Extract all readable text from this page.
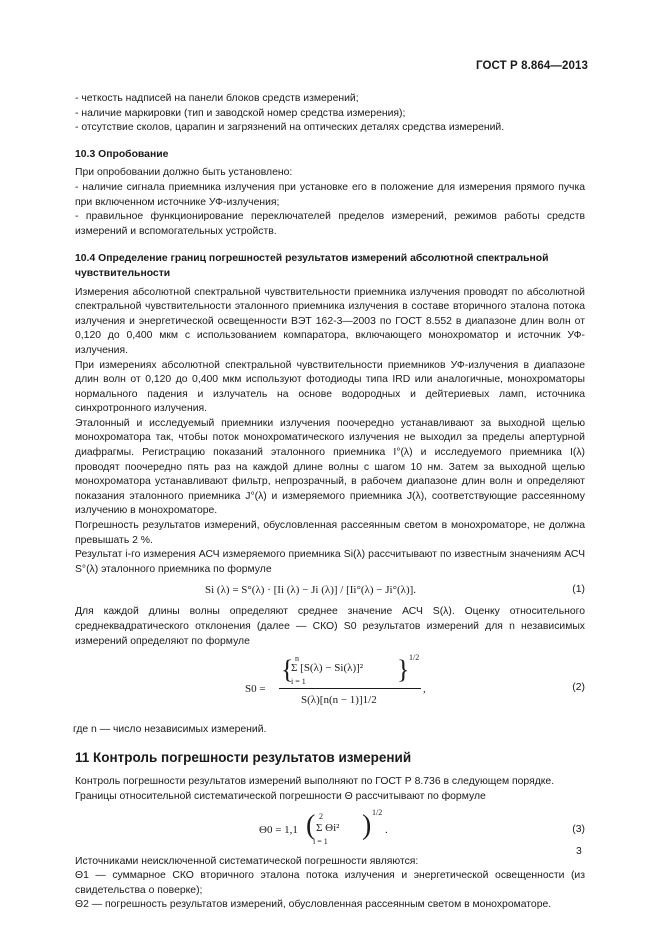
ГОСТ Р 8.864—2013

- четкость надписей на панели блоков средств измерений;

- наличие маркировки (тип и заводской номер средства измерения);

- отсутствие сколов, царапин и загрязнений на оптических деталях средства измерений.

10.3 Опробование

При опробовании должно быть установлено:

- наличие сигнала приемника излучения при установке его в положение для измерения прямого пучка при включенном источнике УФ-излучения;

- правильное функционирование переключателей пределов измерений, режимов работы средств измерений и вспомогательных устройств.

10.4 Определение границ погрешностей результатов измерений абсолютной спектральной чувствительности

Измерения абсолютной спектральной чувствительности приемника излучения проводят по абсолютной спектральной чувствительности эталонного приемника излучения в составе вторичного эталона потока излучения и энергетической освещенности ВЭТ 162-3—2003 по ГОСТ 8.552 в диапазоне длин волн от 0,120 до 0,400 мкм с использованием компаратора, включающего монохроматор и источник УФ-излучения.

При измерениях абсолютной спектральной чувствительности приемников УФ-излучения в диапазоне длин волн от 0,120 до 0,400 мкм используют фотодиоды типа IRD или аналогичные, монохроматоры нормального падения и излучатель на основе водородных и дейтериевых ламп, источника синхротронного излучения.

Эталонный и исследуемый приемники излучения поочередно устанавливают за выходной щелью монохроматора так, чтобы поток монохроматического излучения не выходил за пределы апертурной диафрагмы. Регистрацию показаний эталонного приемника I°(λ) и исследуемого приемника I(λ) проводят поочередно пять раз на каждой длине волны с шагом 10 нм. Затем за выходной щелью монохроматора устанавливают фильтр, непрозрачный, в рабочем диапазоне длин волн и определяют показания эталонного приемника J°(λ) и измеряемого приемника J(λ), соответствующие рассеянному излучению в монохроматоре.

Погрешность результатов измерений, обусловленная рассеянным светом в монохроматоре, не должна превышать 2 %.

Результат i-го измерения АСЧ измеряемого приемника Si(λ) рассчитывают по известным значениям АСЧ S°(λ) эталонного приемника по формуле

Si (λ) = S°(λ) · [Ii (λ) − Ji (λ)] / [Ii°(λ) − Ji°(λ)].	(1)

Для каждой длины волны определяют среднее значение АСЧ S(λ). Оценку относительного среднеквадратического отклонения (далее — СКО) S0 результатов измерений для n независимых измерений определяют по формуле

S0 =
{ n
Σ [S(λ) − Si(λ)]²
i = 1	} 1/2
S(λ)[n(n − 1)]1/2
,	(2)

где n — число независимых измерений.

11 Контроль погрешности результатов измерений

Контроль погрешности результатов измерений выполняют по ГОСТ Р 8.736 в следующем порядке.

Границы относительной систематической погрешности Θ рассчитывают по формуле

Θ0 = 1,1 ( 2
Σ Θi²
i = 1
) 1/2
.	(3)

Источниками неисключенной систематической погрешности являются:

Θ1 — суммарное СКО вторичного эталона потока излучения и энергетической освещенности (из свидетельства о поверке);

Θ2 — погрешность результатов измерений, обусловленная рассеянным светом в монохроматоре.

3
